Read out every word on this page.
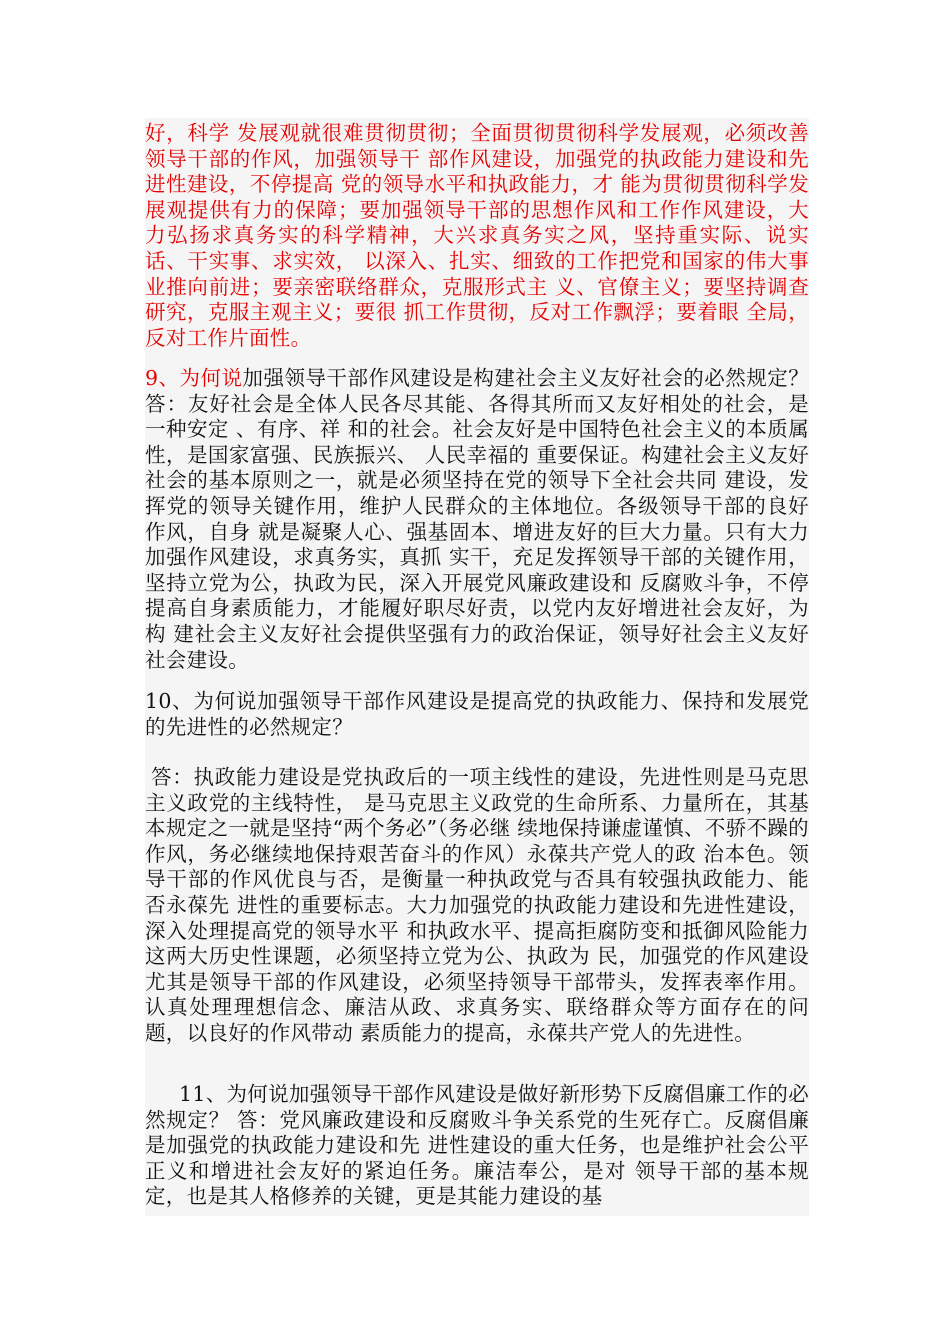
好，科学 发展观就很难贯彻贯彻；全面贯彻贯彻科学发展观，必须改善领导干部的作风，加强领导干 部作风建设，加强党的执政能力建设和先进性建设，不停提高 党的领导水平和执政能力，才 能为贯彻贯彻科学发展观提供有力的保障；要加强领导干部的思想作风和工作作风建设，大 力弘扬求真务实的科学精神，大兴求真务实之风，坚持重实际、说实话、干实事、求实效， 以深入、扎实、细致的工作把党和国家的伟大事业推向前进；要亲密联络群众，克服形式主 义、官僚主义；要坚持调查研究，克服主观主义；要很 抓工作贯彻，反对工作飘浮；要着眼 全局，反对工作片面性。

9、为何说加强领导干部作风建设是构建社会主义友好社会的必然规定？ 答：友好社会是全体人民各尽其能、各得其所而又友好相处的社会，是一种安定 、有序、祥 和的社会。社会友好是中国特色社会主义的本质属性，是国家富强、民族振兴、 人民幸福的 重要保证。构建社会主义友好社会的基本原则之一，就是必须坚持在党的领导下全社会共同 建设，发挥党的领导关键作用，维护人民群众的主体地位。各级领导干部的良好作风，自身 就是凝聚人心、强基固本、增进友好的巨大力量。只有大力加强作风建设，求真务实，真抓 实干，充足发挥领导干部的关键作用，坚持立党为公，执政为民，深入开展党风廉政建设和 反腐败斗争，不停提高自身素质能力，才能履好职尽好责，以党内友好增进社会友好，为构 建社会主义友好社会提供坚强有力的政治保证，领导好社会主义友好社会建设。

10、为何说加强领导干部作风建设是提高党的执政能力、保持和发展党的先进性的必然规定？

答：执政能力建设是党执政后的一项主线性的建设，先进性则是马克思主义政党的主线特性， 是马克思主义政党的生命所系、力量所在，其基本规定之一就是坚持“两个务必”（务必继 续地保持谦虚谨慎、不骄不躁的作风，务必继续地保持艰苦奋斗的作风）永葆共产党人的政 治本色。领导干部的作风优良与否，是衡量一种执政党与否具有较强执政能力、能否永葆先 进性的重要标志。大力加强党的执政能力建设和先进性建设，深入处理提高党的领导水平 和执政水平、提高拒腐防变和抵御风险能力这两大历史性课题，必须坚持立党为公、执政为 民，加强党的作风建设尤其是领导干部的作风建设，必须坚持领导干部带头，发挥表率作用。 认真处理理想信念、廉洁从政、求真务实、联络群众等方面存在的问题，以良好的作风带动 素质能力的提高，永葆共产党人的先进性。

11、为何说加强领导干部作风建设是做好新形势下反腐倡廉工作的必然规定？ 答：党风廉政建设和反腐败斗争关系党的生死存亡。反腐倡廉是加强党的执政能力建设和先 进性建设的重大任务，也是维护社会公平正义和增进社会友好的紧迫任务。廉洁奉公，是对 领导干部的基本规定，也是其人格修养的关键，更是其能力建设的基
